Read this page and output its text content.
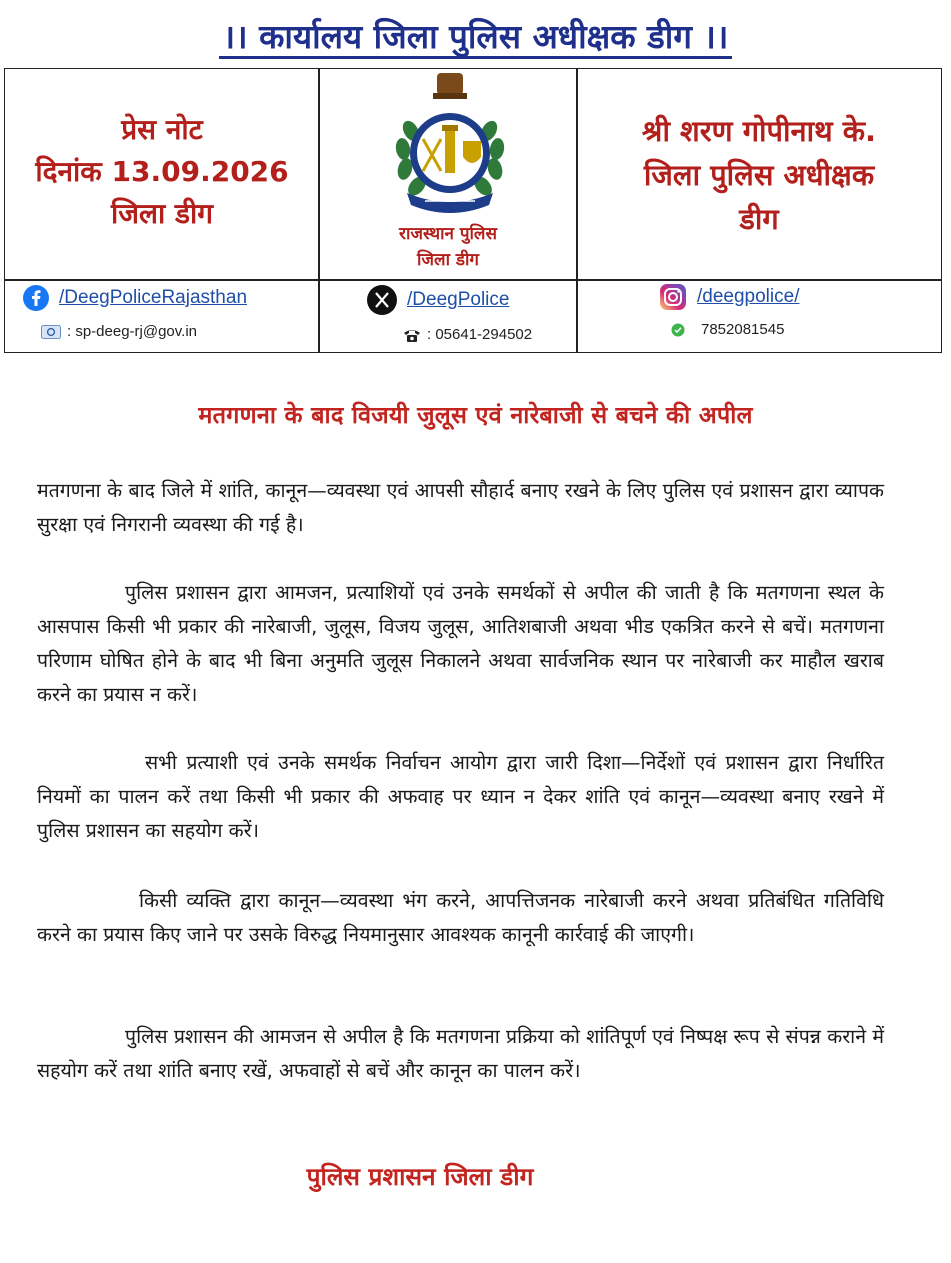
।। कार्यालय जिला पुलिस अधीक्षक डीग ।।
प्रेस नोट
दिनांक 13.09.2026
जिला डीग
राजस्थान पुलिस
जिला डीग
श्री शरण गोपीनाथ के.
जिला पुलिस अधीक्षक
डीग
/DeegPoliceRajasthan
: sp-deeg-rj@gov.in
/DeegPolice
: 05641-294502
/deegpolice/
7852081545
मतगणना के बाद विजयी जुलूस एवं नारेबाजी से बचने की अपील
मतगणना के बाद जिले में शांति, कानून—व्यवस्था एवं आपसी सौहार्द बनाए रखने के लिए पुलिस एवं प्रशासन द्वारा व्यापक सुरक्षा एवं निगरानी व्यवस्था की गई है।
पुलिस प्रशासन द्वारा आमजन, प्रत्याशियों एवं उनके समर्थकों से अपील की जाती है कि मतगणना स्थल के आसपास किसी भी प्रकार की नारेबाजी, जुलूस, विजय जुलूस, आतिशबाजी अथवा भीड एकत्रित करने से बचें। मतगणना परिणाम घोषित होने के बाद भी बिना अनुमति जुलूस निकालने अथवा सार्वजनिक स्थान पर नारेबाजी कर माहौल खराब करने का प्रयास न करें।
सभी प्रत्याशी एवं उनके समर्थक निर्वाचन आयोग द्वारा जारी दिशा—निर्देशों एवं प्रशासन द्वारा निर्धारित नियमों का पालन करें तथा किसी भी प्रकार की अफवाह पर ध्यान न देकर शांति एवं कानून—व्यवस्था बनाए रखने में पुलिस प्रशासन का सहयोग करें।
किसी व्यक्ति द्वारा कानून—व्यवस्था भंग करने, आपत्तिजनक नारेबाजी करने अथवा प्रतिबंधित गतिविधि करने का प्रयास किए जाने पर उसके विरुद्ध नियमानुसार आवश्यक कानूनी कार्रवाई की जाएगी।
पुलिस प्रशासन की आमजन से अपील है कि मतगणना प्रक्रिया को शांतिपूर्ण एवं निष्पक्ष रूप से संपन्न कराने में सहयोग करें तथा शांति बनाए रखें, अफवाहों से बचें और कानून का पालन करें।
पुलिस प्रशासन जिला डीग
